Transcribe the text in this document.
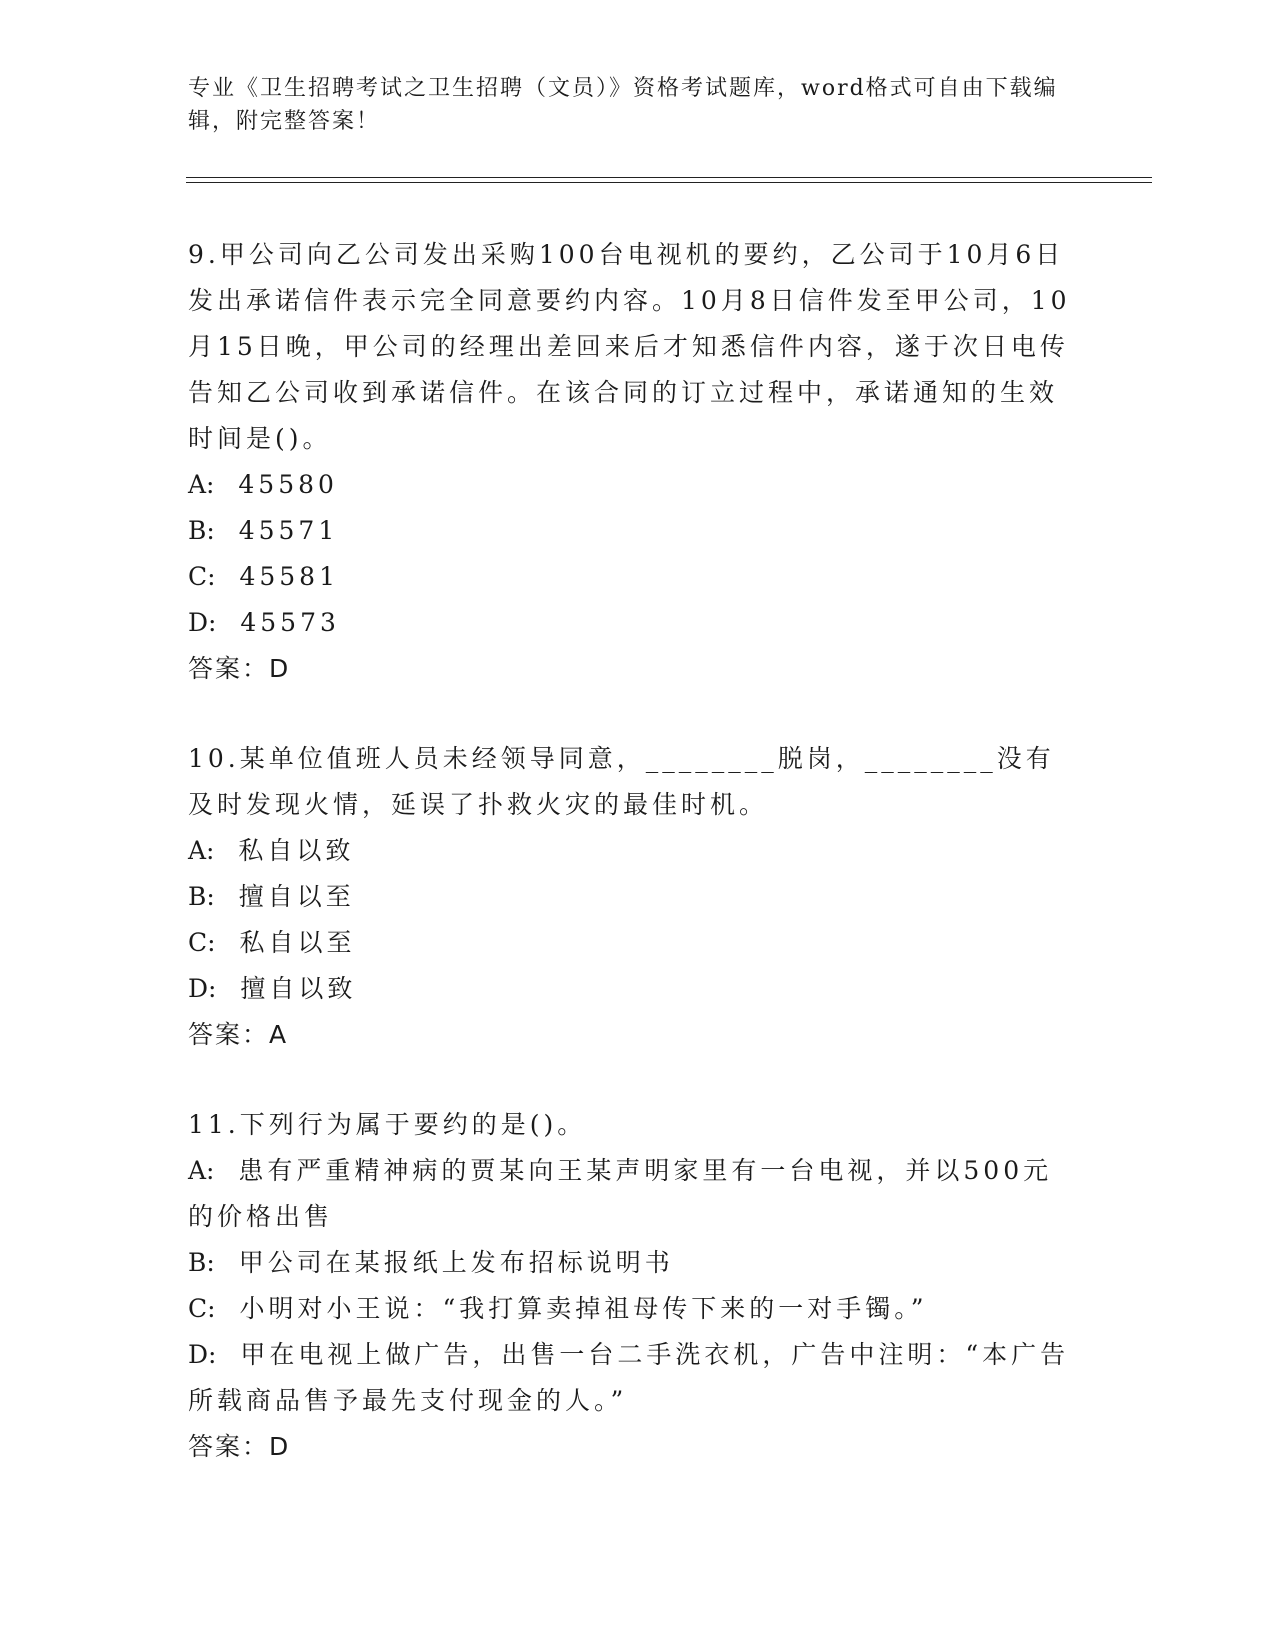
专业《卫生招聘考试之卫生招聘（文员）》资格考试题库，word格式可自由下载编辑，附完整答案！
9.甲公司向乙公司发出采购100台电视机的要约，乙公司于10月6日发出承诺信件表示完全同意要约内容。10月8日信件发至甲公司，10月15日晚，甲公司的经理出差回来后才知悉信件内容，遂于次日电传告知乙公司收到承诺信件。在该合同的订立过程中，承诺通知的生效时间是()。
A: 45580
B: 45571
C: 45581
D: 45573
答案：D
10.某单位值班人员未经领导同意，________脱岗，________没有及时发现火情，延误了扑救火灾的最佳时机。
A: 私自以致
B: 擅自以至
C: 私自以至
D: 擅自以致
答案：A
11.下列行为属于要约的是()。
A: 患有严重精神病的贾某向王某声明家里有一台电视，并以500元的价格出售
B: 甲公司在某报纸上发布招标说明书
C: 小明对小王说：“我打算卖掉祖母传下来的一对手镯。”
D: 甲在电视上做广告，出售一台二手洗衣机，广告中注明：“本广告所载商品售予最先支付现金的人。”
答案：D
